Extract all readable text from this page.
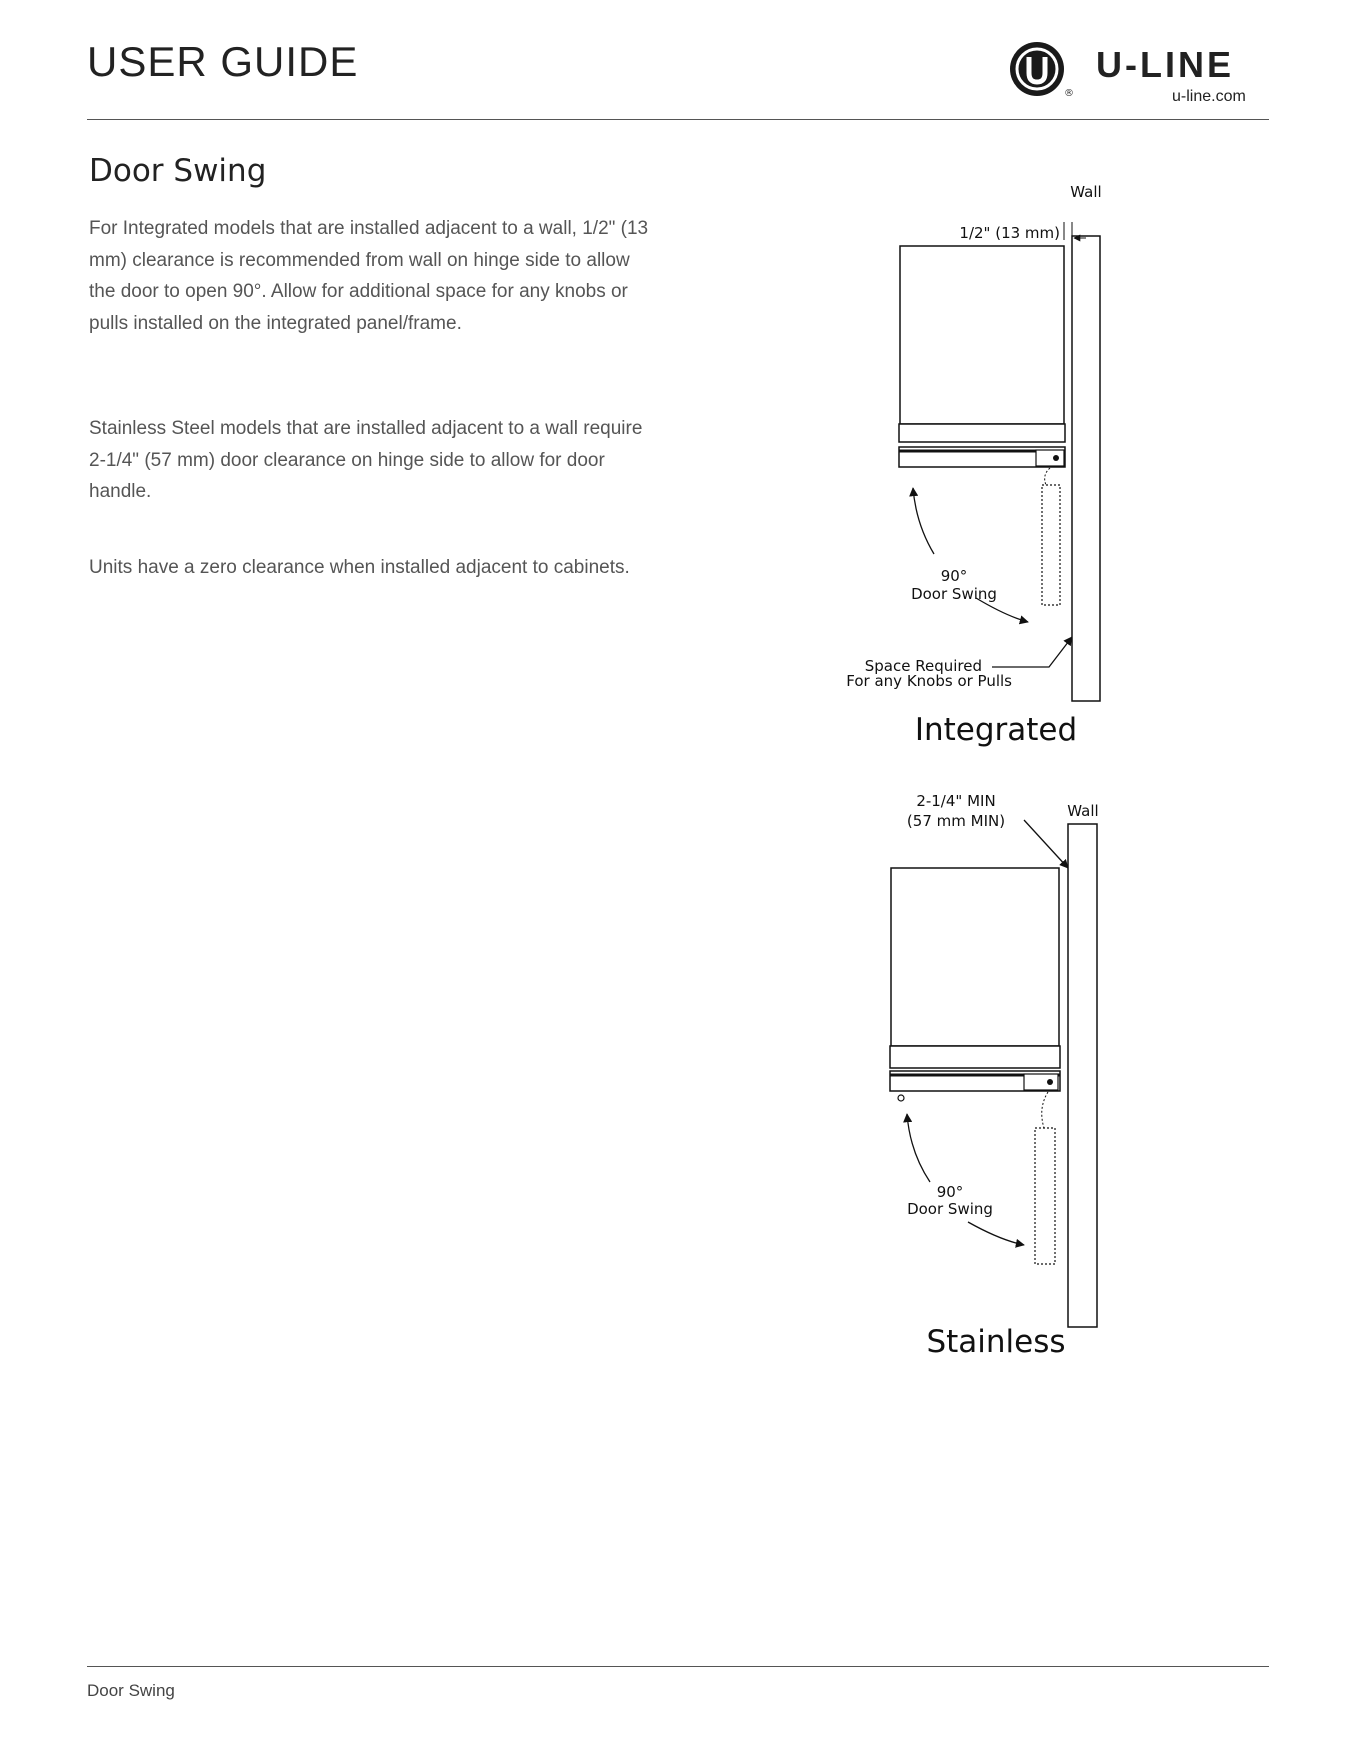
USER GUIDE
®
U-LINE
u-line.com
Door Swing
For Integrated models that are installed adjacent to a wall, 1/2" (13 mm) clearance is recommended from wall on hinge side to allow the door to open 90°. Allow for additional space for any knobs or pulls installed on the integrated panel/frame.
Stainless Steel models that are installed adjacent to a wall require 2-1/4" (57 mm) door clearance on hinge side to allow for door handle.
Units have a zero clearance when installed adjacent to cabinets.
Wall
1/2" (13 mm)
90°
Door Swing
Space Required
For any Knobs or Pulls
Integrated
Wall
2-1/4" MIN
(57 mm MIN)
90°
Door Swing
Stainless
Door Swing
